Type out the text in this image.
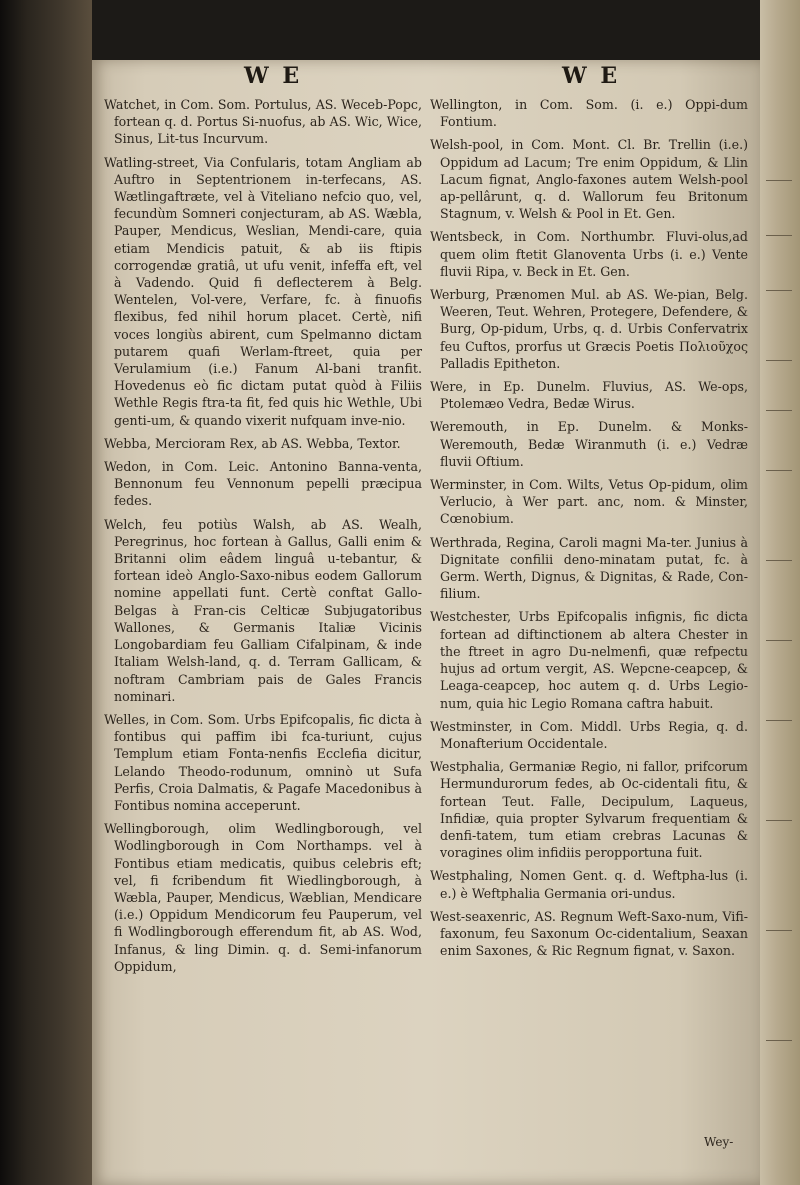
W E	W E

Watchet, in Com. Som. Portulus, AS. Weceb-Popc, fortean q. d. Portus Si-nuofus, ab AS. Wic, Wice, Sinus, Lit-tus Incurvum.

Watling-street, Via Confularis, totam Angliam ab Auftro in Septentrionem in-terfecans, AS. Wætlingaftræte, vel à Viteliano nefcio quo, vel, fecundùm Somneri conjecturam, ab AS. Wæbla, Pauper, Mendicus, Weslian, Mendi-care, quia etiam Mendicis patuit, & ab iis ftipis corrogendæ gratiâ, ut ufu venit, infeffa eft, vel à Vadendo. Quid fi deflecterem à Belg. Wentelen, Vol-vere, Verfare, fc. à finuofis flexibus, fed nihil horum placet. Certè, nifi voces longiùs abirent, cum Spelmanno dictam putarem quafi Werlam-ftreet, quia per Verulamium (i.e.) Fanum Al-bani tranfit. Hovedenus eò fic dictam putat quòd à Filiis Wethle Regis ftra-ta fit, fed quis hic Wethle, Ubi genti-um, & quando vixerit nufquam inve-nio.

Webba, Mercioram Rex, ab AS. Webba, Textor.

Wedon, in Com. Leic. Antonino Banna-venta, Bennonum feu Vennonum pepelli præcipua fedes.

Welch, feu potiùs Walsh, ab AS. Wealh, Peregrinus, hoc fortean à Gallus, Galli enim & Britanni olim eâdem linguâ u-tebantur, & fortean ideò Anglo-Saxo-nibus eodem Gallorum nomine appellati funt. Certè conftat Gallo-Belgas à Fran-cis Celticæ Subjugatoribus Wallones, & Germanis Italiæ Vicinis Longobardiam feu Galliam Cifalpinam, & inde Italiam Welsh-land, q. d. Terram Gallicam, & noftram Cambriam pais de Gales Francis nominari.

Welles, in Com. Som. Urbs Epifcopalis, fic dicta à fontibus qui paffim ibi fca-turiunt, cujus Templum etiam Fonta-nenfis Ecclefia dicitur, Lelando Theodo-rodunum, omninò ut Sufa Perfis, Croia Dalmatis, & Pagafe Macedonibus à Fontibus nomina acceperunt.

Wellingborough, olim Wedlingborough, vel Wodlingborough in Com Northamps. vel à Fontibus etiam medicatis, quibus celebris eft; vel, fi fcribendum fit Wiedlingborough, à Wæbla, Pauper, Mendicus, Wæblian, Mendicare (i.e.) Oppidum Mendicorum feu Pauperum, vel fi Wodlingborough efferendum fit, ab AS. Wod, Infanus, & ling Dimin. q. d. Semi-infanorum Oppidum,

Wellington, in Com. Som. (i. e.) Oppi-dum Fontium.

Welsh-pool, in Com. Mont. Cl. Br. Trellin (i.e.) Oppidum ad Lacum; Tre enim Oppidum, & Llin Lacum fignat, Anglo-faxones autem Welsh-pool ap-pellârunt, q. d. Wallorum feu Britonum Stagnum, v. Welsh & Pool in Et. Gen.

Wentsbeck, in Com. Northumbr. Fluvi-olus,ad quem olim ftetit Glanoventa Urbs (i. e.) Vente fluvii Ripa, v. Beck in Et. Gen.

Werburg, Prænomen Mul. ab AS. We-pian, Belg. Weeren, Teut. Wehren, Protegere, Defendere, & Burg, Op-pidum, Urbs, q. d. Urbis Confervatrix feu Cuftos, prorfus ut Græcis Poetis Πολιοῦχος Palladis Epitheton.

Were, in Ep. Dunelm. Fluvius, AS. We-ops, Ptolemæo Vedra, Bedæ Wirus.

Weremouth, in Ep. Dunelm. & Monks-Weremouth, Bedæ Wiranmuth (i. e.) Vedræ fluvii Oftium.

Werminster, in Com. Wilts, Vetus Op-pidum, olim Verlucio, à Wer part. anc, nom. & Minster, Cœnobium.

Werthrada, Regina, Caroli magni Ma-ter. Junius à Dignitate confilii deno-minatam putat, fc. à Germ. Werth, Dignus, & Dignitas, & Rade, Con-filium.

Westchester, Urbs Epifcopalis infignis, fic dicta fortean ad diftinctionem ab altera Chester in the ftreet in agro Du-nelmenfi, quæ refpectu hujus ad ortum vergit, AS. Wepcne-ceapcep, & Leaga-ceapcep, hoc autem q. d. Urbs Legio-num, quia hic Legio Romana caftra habuit.

Westminster, in Com. Middl. Urbs Regia, q. d. Monafterium Occidentale.

Westphalia, Germaniæ Regio, ni fallor, prifcorum Hermundurorum fedes, ab Oc-cidentali fitu, & fortean Teut. Falle, Decipulum, Laqueus, Infidiæ, quia propter Sylvarum frequentiam & denfi-tatem, tum etiam crebras Lacunas & voragines olim infidiis peropportuna fuit.

Westphaling, Nomen Gent. q. d. Weftpha-lus (i. e.) è Weftphalia Germania ori-undus.

West-seaxenric, AS. Regnum Weft-Saxo-num, Vifi-faxonum, feu Saxonum Oc-cidentalium, Seaxan enim Saxones, & Ric Regnum fignat, v. Saxon.

Wey-
